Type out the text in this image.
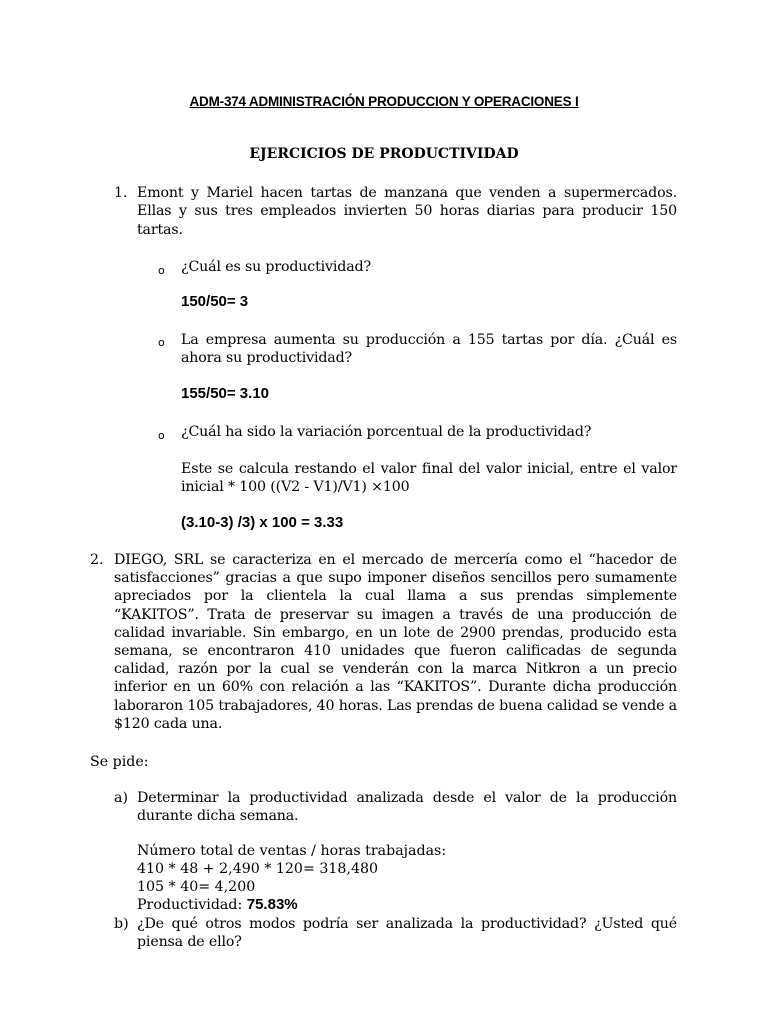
ADM-374 ADMINISTRACIÓN PRODUCCION Y OPERACIONES I
EJERCICIOS DE PRODUCTIVIDAD
1. Emont y Mariel hacen tartas de manzana que venden a supermercados. Ellas y sus tres empleados invierten 50 horas diarias para producir 150 tartas.
o ¿Cuál es su productividad?
150/50= 3
o La empresa aumenta su producción a 155 tartas por día. ¿Cuál es ahora su productividad?
155/50= 3.10
o ¿Cuál ha sido la variación porcentual de la productividad?
Este se calcula restando el valor final del valor inicial, entre el valor inicial * 100 ((V2 - V1)/V1) ×100
(3.10-3) /3) x 100 = 3.33
2. DIEGO, SRL se caracteriza en el mercado de mercería como el “hacedor de satisfacciones” gracias a que supo imponer diseños sencillos pero sumamente apreciados por la clientela la cual llama a sus prendas simplemente “KAKITOS”. Trata de preservar su imagen a través de una producción de calidad invariable. Sin embargo, en un lote de 2900 prendas, producido esta semana, se encontraron 410 unidades que fueron calificadas de segunda calidad, razón por la cual se venderán con la marca Nitkron a un precio inferior en un 60% con relación a las “KAKITOS”. Durante dicha producción laboraron 105 trabajadores, 40 horas. Las prendas de buena calidad se vende a $120 cada una.
Se pide:
a) Determinar la productividad analizada desde el valor de la producción durante dicha semana.
Número total de ventas / horas trabajadas:
410 * 48 + 2,490 * 120= 318,480
105 * 40= 4,200
Productividad: 75.83%
b) ¿De qué otros modos podría ser analizada la productividad? ¿Usted qué piensa de ello?
